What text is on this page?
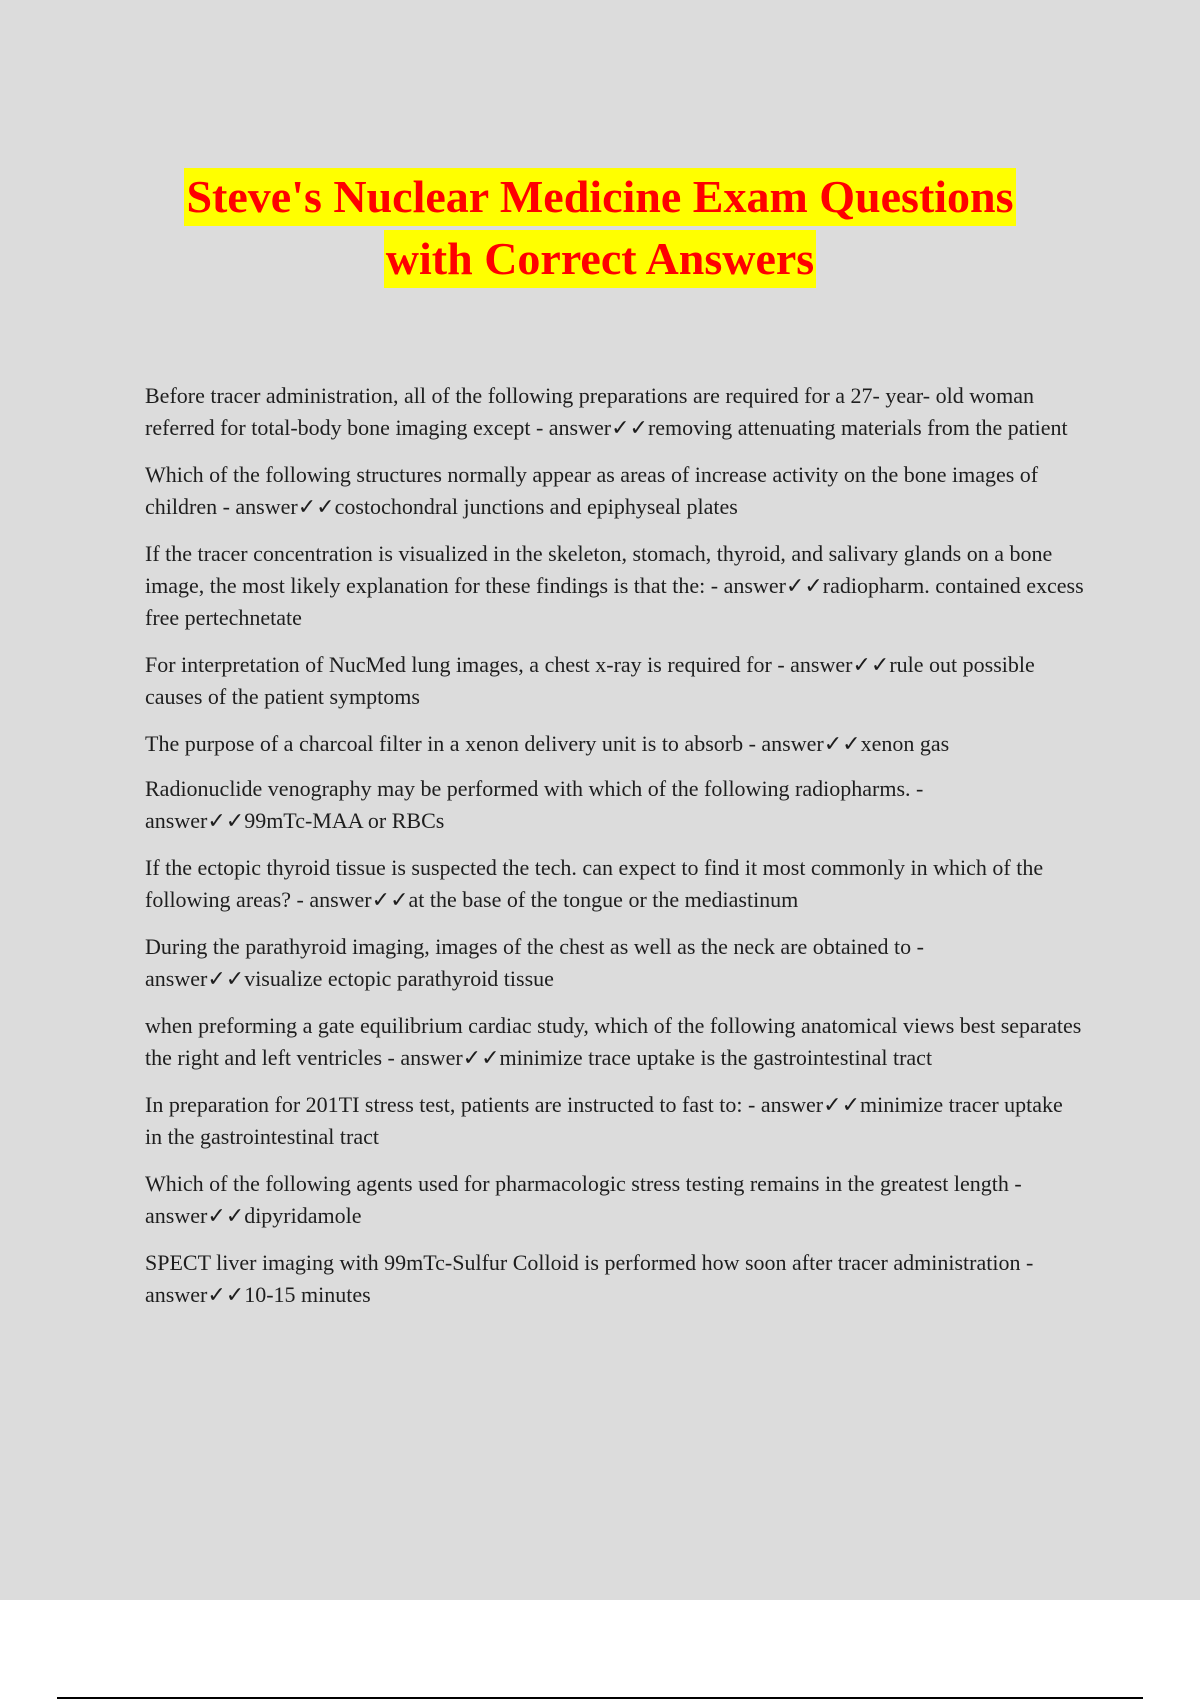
Steve's Nuclear Medicine Exam Questions
with Correct Answers

Before tracer administration, all of the following preparations are required for a 27- year- old woman referred for total-body bone imaging except - answer✓✓removing attenuating materials from the patient

Which of the following structures normally appear as areas of increase activity on the bone images of children - answer✓✓costochondral junctions and epiphyseal plates

If the tracer concentration is visualized in the skeleton, stomach, thyroid, and salivary glands on a bone image, the most likely explanation for these findings is that the: - answer✓✓radiopharm. contained excess free pertechnetate

For interpretation of NucMed lung images, a chest x-ray is required for - answer✓✓rule out possible causes of the patient symptoms

The purpose of a charcoal filter in a xenon delivery unit is to absorb - answer✓✓xenon gas

Radionuclide venography may be performed with which of the following radiopharms. - answer✓✓99mTc-MAA or RBCs

If the ectopic thyroid tissue is suspected the tech. can expect to find it most commonly in which of the following areas? - answer✓✓at the base of the tongue or the mediastinum

During the parathyroid imaging, images of the chest as well as the neck are obtained to - answer✓✓visualize ectopic parathyroid tissue

when preforming a gate equilibrium cardiac study, which of the following anatomical views best separates the right and left ventricles - answer✓✓minimize trace uptake is the gastrointestinal tract

In preparation for 201TI stress test, patients are instructed to fast to: - answer✓✓minimize tracer uptake in the gastrointestinal tract

Which of the following agents used for pharmacologic stress testing remains in the greatest length - answer✓✓dipyridamole

SPECT liver imaging with 99mTc-Sulfur Colloid is performed how soon after tracer administration - answer✓✓10-15 minutes
